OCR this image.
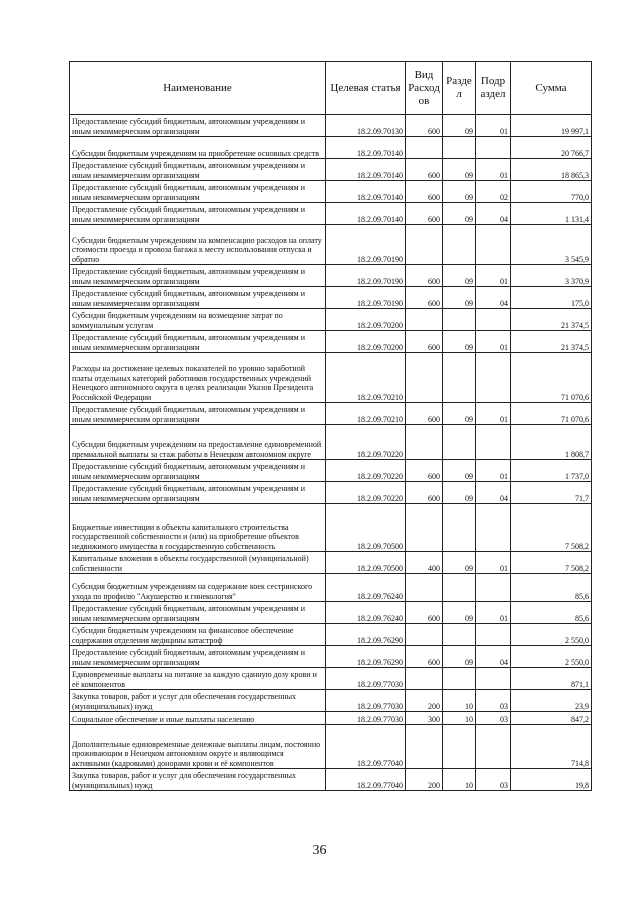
Наименование	Целевая статья	Вид Расход ов	Разде л	Подр аздел	Сумма
Предоставление субсидий бюджетным, автономным учреждениям и иным некоммерческим организациям	18.2.09.70130	600	09	01	19 997,1
Субсидии бюджетным учреждениям на приобретение основных средств	18.2.09.70140				20 766,7
Предоставление субсидий бюджетным, автономным учреждениям и иным некоммерческим организациям	18.2.09.70140	600	09	01	18 865,3
Предоставление субсидий бюджетным, автономным учреждениям и иным некоммерческим организациям	18.2.09.70140	600	09	02	770,0
Предоставление субсидий бюджетным, автономным учреждениям и иным некоммерческим организациям	18.2.09.70140	600	09	04	1 131,4
Субсидии бюджетным учреждениям на компенсацию расходов на оплату стоимости проезда и провоза багажа к месту использования отпуска и обратно	18.2.09.70190				3 545,9
Предоставление субсидий бюджетным, автономным учреждениям и иным некоммерческим организациям	18.2.09.70190	600	09	01	3 370,9
Предоставление субсидий бюджетным, автономным учреждениям и иным некоммерческим организациям	18.2.09.70190	600	09	04	175,0
Субсидии бюджетным учреждениям на возмещение затрат по коммунальным услугам	18.2.09.70200				21 374,5
Предоставление субсидий бюджетным, автономным учреждениям и иным некоммерческим организациям	18.2.09.70200	600	09	01	21 374,5
Расходы на достижение целевых показателей по уровню заработной платы отдельных категорий работников государственных учреждений Ненецкого автономного округа в целях реализации Указов Президента Российской Федерации	18.2.09.70210				71 070,6
Предоставление субсидий бюджетным, автономным учреждениям и иным некоммерческим организациям	18.2.09.70210	600	09	01	71 070,6
Субсидии бюджетным учреждениям на предоставление единовременной премиальной выплаты за стаж работы в Ненецком автономном округе	18.2.09.70220				1 808,7
Предоставление субсидий бюджетным, автономным учреждениям и иным некоммерческим организациям	18.2.09.70220	600	09	01	1 737,0
Предоставление субсидий бюджетным, автономным учреждениям и иным некоммерческим организациям	18.2.09.70220	600	09	04	71,7
Бюджетные инвестиции в объекты капитального строительства государственной собственности и (или) на приобретение объектов недвижимого имущества в государственную собственность	18.2.09.70500				7 508,2
Капитальные вложения в объекты государственной (муниципальной) собственности	18.2.09.70500	400	09	01	7 508,2
Субсидия бюджетным учреждениям на содержание коек сестринского ухода по профилю "Акушерство и гинекология"	18.2.09.76240				85,6
Предоставление субсидий бюджетным, автономным учреждениям и иным некоммерческим организациям	18.2.09.76240	600	09	01	85,6
Субсидии бюджетным учреждениям на финансовое обеспечение содержания отделения медицины катастроф	18.2.09.76290				2 550,0
Предоставление субсидий бюджетным, автономным учреждениям и иным некоммерческим организациям	18.2.09.76290	600	09	04	2 550,0
Единовременные выплаты на питание за каждую сданную дозу крови и её компонентов	18.2.09.77030				871,1
Закупка товаров, работ и услуг для обеспечения государственных (муниципальных) нужд	18.2.09.77030	200	10	03	23,9
Социальное обеспечение и иные выплаты населению	18.2.09.77030	300	10	03	847,2
Дополнительные единовременные денежные выплаты лицам, постоянно проживающим в Ненецком автономном округе и являющимся активными (кадровыми) донорами крови и её компонентов	18.2.09.77040				714,8
Закупка товаров, работ и услуг для обеспечения государственных (муниципальных) нужд	18.2.09.77040	200	10	03	19,8
36
